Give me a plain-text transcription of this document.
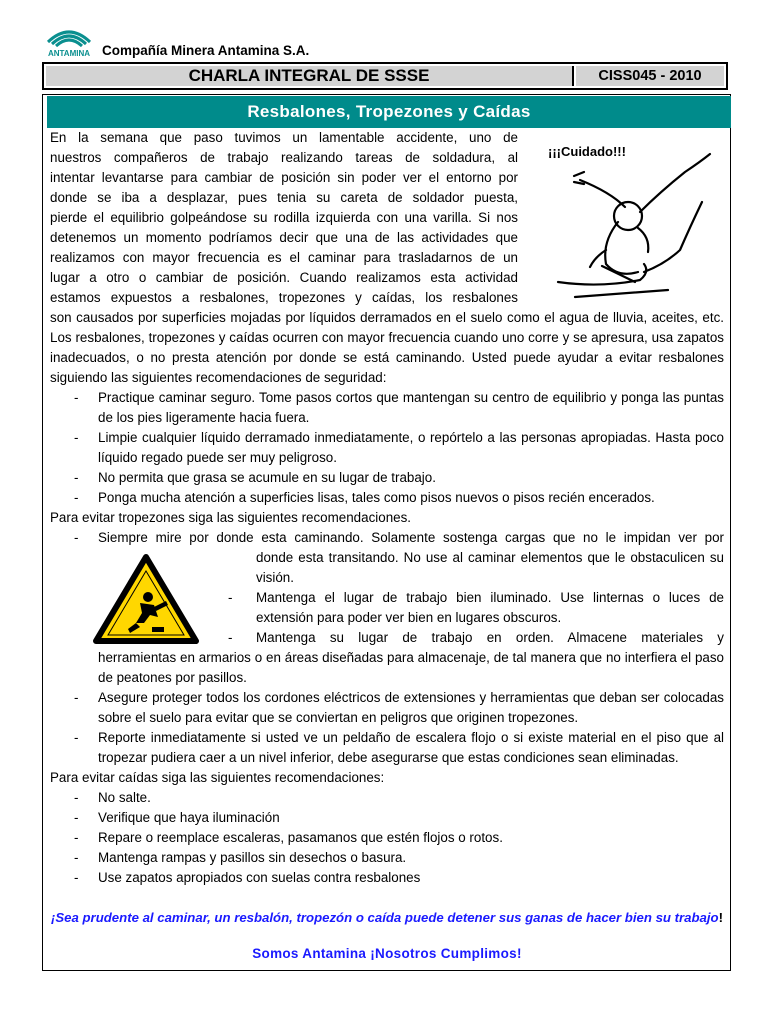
ANTAMINA Compañía Minera Antamina S.A.
CHARLA INTEGRAL DE SSSE	CISS045 - 2010
Resbalones, Tropezones y Caídas
¡¡¡Cuidado!!!

En la semana que paso tuvimos un lamentable accidente, uno de

nuestros compañeros de trabajo realizando tareas de soldadura, al

intentar levantarse para cambiar de posición sin poder ver el entorno por

donde se iba a desplazar, pues tenia su careta de soldador puesta,

pierde el equilibrio golpeándose su rodilla izquierda con una varilla. Si nos

detenemos un momento podríamos decir que una de las actividades que

realizamos con mayor frecuencia es el caminar para trasladarnos de un

lugar a otro o cambiar de posición. Cuando realizamos esta actividad

estamos expuestos a resbalones, tropezones y caídas, los resbalones

son causados por superficies mojadas por líquidos derramados en el suelo como el agua de lluvia, aceites, etc. Los resbalones, tropezones y caídas ocurren con mayor frecuencia cuando uno corre y se apresura, usa zapatos inadecuados, o no presta atención por donde se está caminando. Usted puede ayudar a evitar resbalones siguiendo las siguientes recomendaciones de seguridad:

- Practique caminar seguro. Tome pasos cortos que mantengan su centro de equilibrio y ponga las puntas de los pies ligeramente hacia fuera.
- Limpie cualquier líquido derramado inmediatamente, o repórtelo a las personas apropiadas. Hasta poco líquido regado puede ser muy peligroso.
- No permita que grasa se acumule en su lugar de trabajo.
- Ponga mucha atención a superficies lisas, tales como pisos nuevos o pisos recién encerados.

Para evitar tropezones siga las siguientes recomendaciones.

- Siempre mire por donde esta caminando. Solamente sostenga cargas que no le impidan ver por
donde esta transitando. No use al caminar elementos que le obstaculicen su visión.
- Mantenga el lugar de trabajo bien iluminado. Use linternas o luces de extensión para poder ver bien en lugares obscuros.
- Mantenga su lugar de trabajo en orden. Almacene materiales y
herramientas en armarios o en áreas diseñadas para almacenaje, de tal manera que no interfiera el paso de peatones por pasillos.
- Asegure proteger todos los cordones eléctricos de extensiones y herramientas que deban ser colocadas sobre el suelo para evitar que se conviertan en peligros que originen tropezones.
- Reporte inmediatamente si usted ve un peldaño de escalera flojo o si existe material en el piso que al tropezar pudiera caer a un nivel inferior, debe asegurarse que estas condiciones sean eliminadas.

Para evitar caídas siga las siguientes recomendaciones:

- No salte.
- Verifique que haya iluminación
- Repare o reemplace escaleras, pasamanos que estén flojos o rotos.
- Mantenga rampas y pasillos sin desechos o basura.
- Use zapatos apropiados con suelas contra resbalones
¡Sea prudente al caminar, un resbalón, tropezón o caída puede detener sus ganas de hacer bien su trabajo!
Somos Antamina ¡Nosotros Cumplimos!
